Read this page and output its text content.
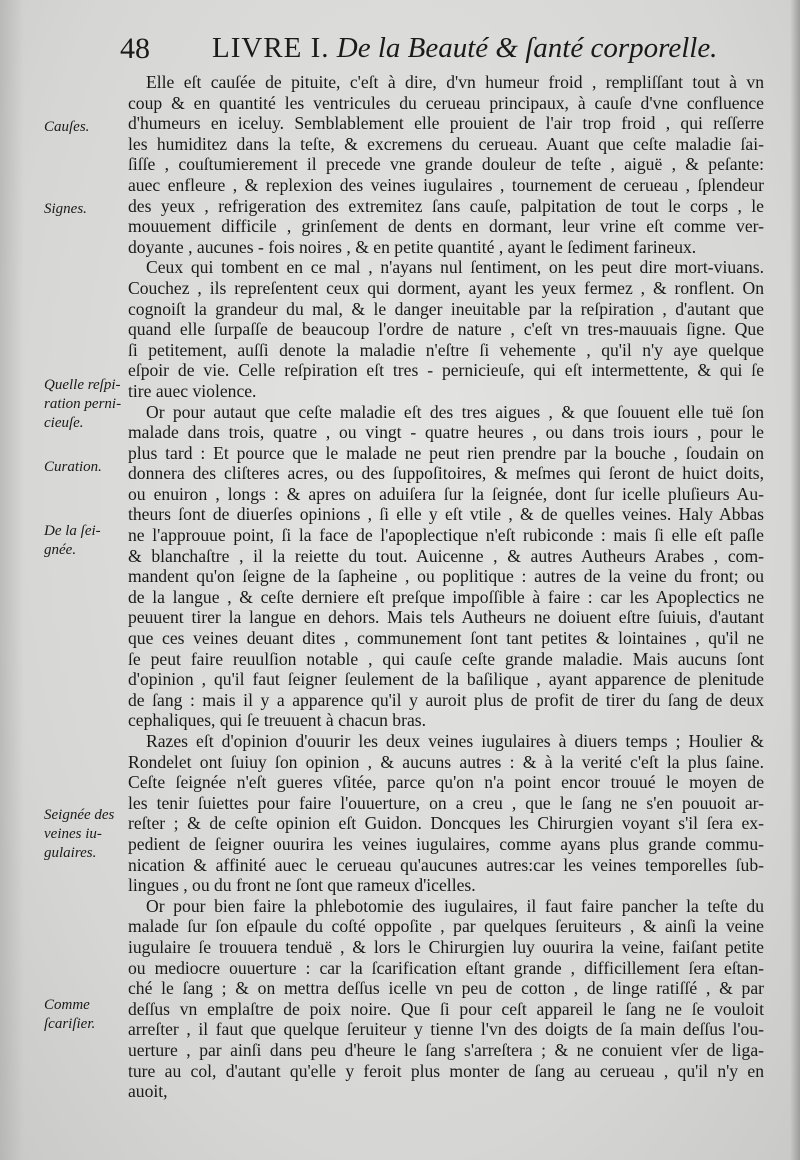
48 LIVRE I. De la Beauté & ſanté corporelle.
Cauſes.
Signes.
Quelle reſpi-
ration perni-
cieuſe.
Curation.
De la ſei-
gnée.
Seignée des
veines iu-
gulaires.
Comme
ſcariſier.
Elle eſt cauſée de pituite, c'eſt à dire, d'vn humeur froid , rempliſſant tout à vn
coup & en quantité les ventricules du cerueau principaux, à cauſe d'vne confluence
d'humeurs en iceluy. Semblablement elle prouient de l'air trop froid , qui reſſerre
les humiditez dans la teſte, & excremens du cerueau. Auant que ceſte maladie ſai-
ſiſſe , couſtumierement il precede vne grande douleur de teſte , aiguë , & peſante:
auec enfleure , & replexion des veines iugulaires , tournement de cerueau , ſplendeur
des yeux , refrigeration des extremitez ſans cauſe, palpitation de tout le corps , le
mouuement difficile , grinſement de dents en dormant, leur vrine eſt comme ver-
doyante , aucunes - fois noires , & en petite quantité , ayant le ſediment farineux.
Ceux qui tombent en ce mal , n'ayans nul ſentiment, on les peut dire mort-viuans.
Couchez , ils repreſentent ceux qui dorment, ayant les yeux fermez , & ronflent. On
cognoiſt la grandeur du mal, & le danger ineuitable par la reſpiration , d'autant que
quand elle ſurpaſſe de beaucoup l'ordre de nature , c'eſt vn tres-mauuais ſigne. Que
ſi petitement, auſſi denote la maladie n'eſtre ſi vehemente , qu'il n'y aye quelque
eſpoir de vie. Celle reſpiration eſt tres - pernicieuſe, qui eſt intermettente, & qui ſe
tire auec violence.
Or pour autaut que ceſte maladie eſt des tres aigues , & que ſouuent elle tuë ſon
malade dans trois, quatre , ou vingt - quatre heures , ou dans trois iours , pour le
plus tard : Et pource que le malade ne peut rien prendre par la bouche , ſoudain on
donnera des cliſteres acres, ou des ſuppoſitoires, & meſmes qui ſeront de huict doits,
ou enuiron , longs : & apres on aduiſera ſur la ſeignée, dont ſur icelle pluſieurs Au-
theurs ſont de diuerſes opinions , ſi elle y eſt vtile , & de quelles veines. Haly Abbas
ne l'approuue point, ſi la face de l'apoplectique n'eſt rubiconde : mais ſi elle eſt paſle
& blanchaſtre , il la reiette du tout. Auicenne , & autres Autheurs Arabes , com-
mandent qu'on ſeigne de la ſapheine , ou poplitique : autres de la veine du front; ou
de la langue , & ceſte derniere eſt preſque impoſſible à faire : car les Apoplectics ne
peuuent tirer la langue en dehors. Mais tels Autheurs ne doiuent eſtre ſuiuis, d'autant
que ces veines deuant dites , communement ſont tant petites & lointaines , qu'il ne
ſe peut faire reuulſion notable , qui cauſe ceſte grande maladie. Mais aucuns ſont
d'opinion , qu'il faut ſeigner ſeulement de la baſilique , ayant apparence de plenitude
de ſang : mais il y a apparence qu'il y auroit plus de profit de tirer du ſang de deux
cephaliques, qui ſe treuuent à chacun bras.
Razes eſt d'opinion d'ouurir les deux veines iugulaires à diuers temps ; Houlier &
Rondelet ont ſuiuy ſon opinion , & aucuns autres : & à la verité c'eſt la plus ſaine.
Ceſte ſeignée n'eſt gueres vſitée, parce qu'on n'a point encor trouué le moyen de
les tenir ſuiettes pour faire l'ouuerture, on a creu , que le ſang ne s'en pouuoit ar-
reſter ; & de ceſte opinion eſt Guidon. Doncques les Chirurgien voyant s'il ſera ex-
pedient de ſeigner ouurira les veines iugulaires, comme ayans plus grande commu-
nication & affinité auec le cerueau qu'aucunes autres:car les veines temporelles ſub-
lingues , ou du front ne ſont que rameux d'icelles.
Or pour bien faire la phlebotomie des iugulaires, il faut faire pancher la teſte du
malade ſur ſon eſpaule du coſté oppoſite , par quelques ſeruiteurs , & ainſi la veine
iugulaire ſe trouuera tenduë , & lors le Chirurgien luy ouurira la veine, faiſant petite
ou mediocre ouuerture : car la ſcarification eſtant grande , difficillement ſera eſtan-
ché le ſang ; & on mettra deſſus icelle vn peu de cotton , de linge ratiſſé , & par
deſſus vn emplaſtre de poix noire. Que ſi pour ceſt appareil le ſang ne ſe vouloit
arreſter , il faut que quelque ſeruiteur y tienne l'vn des doigts de ſa main deſſus l'ou-
uerture , par ainſi dans peu d'heure le ſang s'arreſtera ; & ne conuient vſer de liga-
ture au col, d'autant qu'elle y feroit plus monter de ſang au cerueau , qu'il n'y en
auoit,
